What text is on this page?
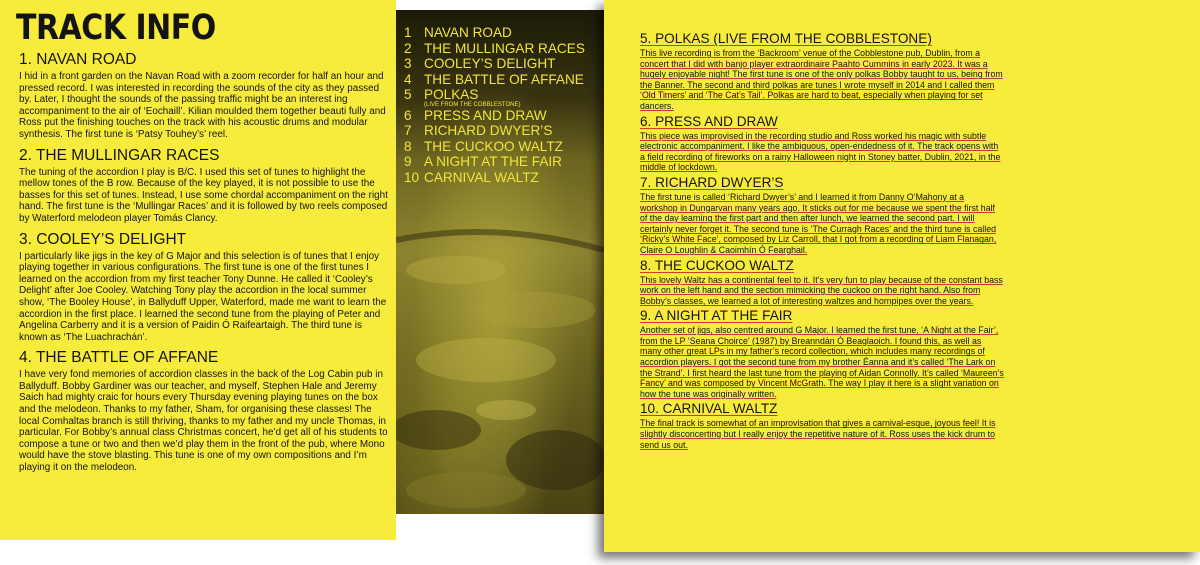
TRACK INFO
1. NAVAN ROAD

I hid in a front garden on the Navan Road with a zoom recorder for half an hour and pressed record. I was interested in recording the sounds of the city as they passed by. Later, I thought the sounds of the passing traffic might be an interest ing accompaniment to the air of ‘Eochaill’. Kilian moulded them together beauti fully and Ross put the finishing touches on the track with his acoustic drums and modular synthesis. The first tune is ‘Patsy Touhey’s’ reel.

2. THE MULLINGAR RACES

The tuning of the accordion I play is B/C. I used this set of tunes to highlight the mellow tones of the B row. Because of the key played, it is not possible to use the basses for this set of tunes. Instead, I use some chordal accompaniment on the right hand. The first tune is the ‘Mullingar Races’ and it is followed by two reels composed by Waterford melodeon player Tomás Clancy.

3. COOLEY’S DELIGHT

I particularly like jigs in the key of G Major and this selection is of tunes that I enjoy playing together in various configurations. The first tune is one of the first tunes I learned on the accordion from my first teacher Tony Dunne. He called it ‘Cooley’s Delight’ after Joe Cooley. Watching Tony play the accordion in the local summer show, ‘The Booley House’, in Ballyduff Upper, Waterford, made me want to learn the accordion in the first place. I learned the second tune from the playing of Peter and Angelina Carberry and it is a version of Paidin Ó Raifeartaigh. The third tune is known as ‘The Luachrachán’.

4. THE BATTLE OF AFFANE

I have very fond memories of accordion classes in the back of the Log Cabin pub in Ballyduff. Bobby Gardiner was our teacher, and myself, Stephen Hale and Jeremy Saich had mighty craic for hours every Thursday evening playing tunes on the box and the melodeon. Thanks to my father, Sham, for organising these classes! The local Comhaltas branch is still thriving, thanks to my father and my uncle Thomas, in particular. For Bobby’s annual class Christmas concert, he’d get all of his students to compose a tune or two and then we’d play them in the front of the pub, where Mono would have the stove blasting. This tune is one of my own compositions and I’m playing it on the melodeon.

1 NAVAN ROAD
2 THE MULLINGAR RACES
3 COOLEY’S DELIGHT
4 THE BATTLE OF AFFANE
5 POLKAS
(LIVE FROM THE COBBLESTONE)
6 PRESS AND DRAW
7 RICHARD DWYER’S
8 THE CUCKOO WALTZ
9 A NIGHT AT THE FAIR
10 CARNIVAL WALTZ
5. POLKAS (LIVE FROM THE COBBLESTONE)

This live recording is from the ‘Backroom’ venue of the Cobblestone pub, Dublin, from a concert that I did with banjo player extraordinaire Paahto Cummins in early 2023. It was a hugely enjoyable night! The first tune is one of the only polkas Bobby taught to us, being from the Banner. The second and third polkas are tunes I wrote myself in 2014 and I called them ‘Old Timers’ and ‘The Cat’s Tail’. Polkas are hard to beat, especially when playing for set dancers.

6. PRESS AND DRAW

This piece was improvised in the recording studio and Ross worked his magic with subtle electronic accompaniment. I like the ambiguous, open-endedness of it. The track opens with a field recording of fireworks on a rainy Halloween night in Stoney batter, Dublin, 2021, in the middle of lockdown.

7. RICHARD DWYER’S

The first tune is called ‘Richard Dwyer’s’ and I learned it from Danny O’Mahony at a workshop in Dungarvan many years ago. It sticks out for me because we spent the first half of the day learning the first part and then after lunch, we learned the second part. I will certainly never forget it. The second tune is ‘The Curragh Races’ and the third tune is called ‘Ricky’s White Face’, composed by Liz Carroll, that I got from a recording of Liam Flanagan, Claire O Loughlin & Caoimhín Ó Fearghail.

8. THE CUCKOO WALTZ

This lovely Waltz has a continental feel to it. It’s very fun to play because of the constant bass work on the left hand and the section mimicking the cuckoo on the right hand. Also from Bobby’s classes, we learned a lot of interesting waltzes and hornpipes over the years.

9. A NIGHT AT THE FAIR

Another set of jigs, also centred around G Major. I learned the first tune, ‘A Night at the Fair’, from the LP ‘Seana Choirce’ (1987) by Breanndán Ó Beaglaoich. I found this, as well as many other great LPs in my father’s record collection, which includes many recordings of accordion players. I got the second tune from my brother Éanna and it’s called ‘The Lark on the Strand’. I first heard the last tune from the playing of Aidan Connolly. It’s called ‘Maureen’s Fancy’ and was composed by Vincent McGrath. The way I play it here is a slight variation on how the tune was originally written.

10. CARNIVAL WALTZ

The final track is somewhat of an improvisation that gives a carnival-esque, joyous feel! It is slightly disconcerting but I really enjoy the repetitive nature of it. Ross uses the kick drum to send us out.
